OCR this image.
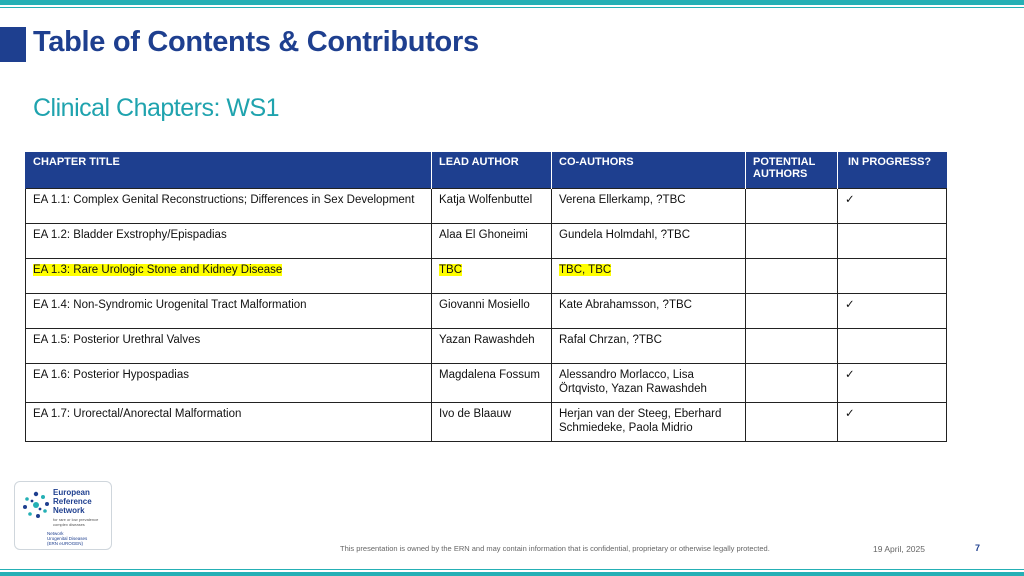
Table of Contents & Contributors
Clinical Chapters: WS1
CHAPTER TITLE	LEAD AUTHOR	CO-AUTHORS	POTENTIAL AUTHORS	IN PROGRESS?
EA 1.1: Complex Genital Reconstructions; Differences in Sex Development	Katja Wolfenbuttel	Verena Ellerkamp, ?TBC		✓
EA 1.2: Bladder Exstrophy/Epispadias	Alaa El Ghoneimi	Gundela Holmdahl, ?TBC		
EA 1.3: Rare Urologic Stone and Kidney Disease	TBC	TBC, TBC		
EA 1.4: Non-Syndromic Urogenital Tract Malformation	Giovanni Mosiello	Kate Abrahamsson, ?TBC		✓
EA 1.5: Posterior Urethral Valves	Yazan Rawashdeh	Rafal Chrzan, ?TBC		
EA 1.6: Posterior Hypospadias	Magdalena Fossum	Alessandro Morlacco, Lisa Örtqvisto, Yazan Rawashdeh		✓
EA 1.7: Urorectal/Anorectal Malformation	Ivo de Blaauw	Herjan van der Steeg, Eberhard Schmiedeke, Paola Midrio		✓
European
Reference
Network
for rare or low prevalence complex diseases
Network
Urogenital Diseases
(ERN eUROGEN)
This presentation is owned by the ERN and may contain information that is confidential, proprietary or otherwise legally protected.	19 April, 2025	7
